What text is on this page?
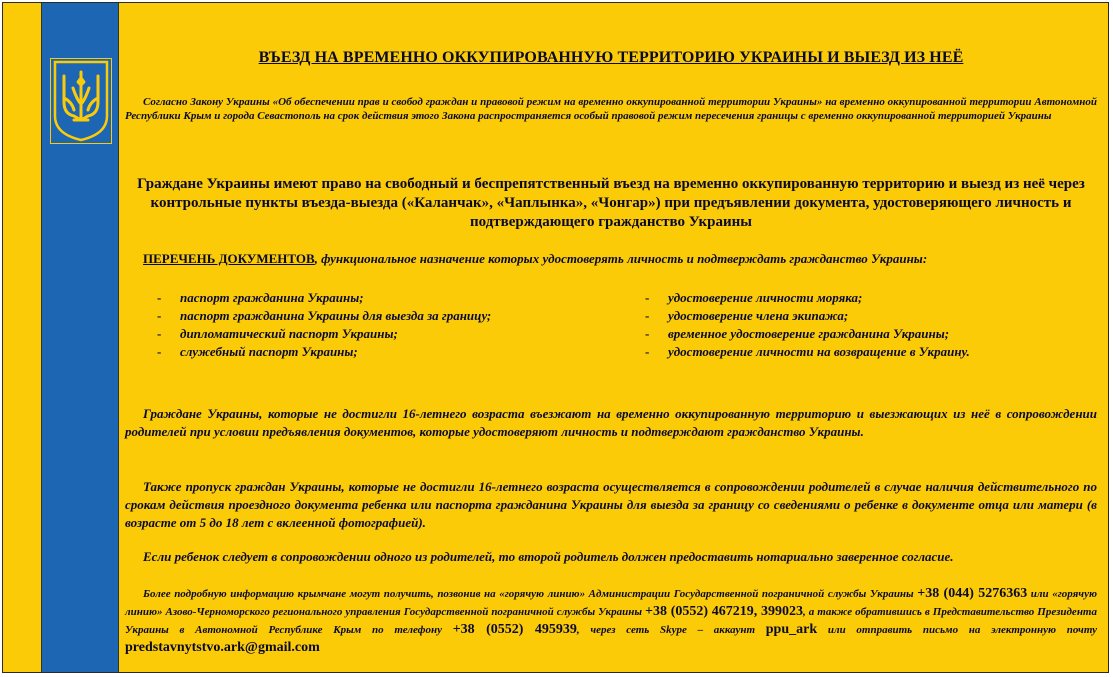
ВЪЕЗД НА ВРЕМЕННО ОККУПИРОВАННУЮ ТЕРРИТОРИЮ УКРАИНЫ И ВЫЕЗД ИЗ НЕЁ
Согласно Закону Украины «Об обеспечении прав и свобод граждан и правовой режим на временно оккупированной территории Украины» на временно оккупированной территории Автономной Республики Крым и города Севастополь на срок действия этого Закона распространяется особый правовой режим пересечения границы с временно оккупированной территорией Украины
Граждане Украины имеют право на свободный и беспрепятственный въезд на временно оккупированную территорию и выезд из неё через контрольные пункты въезда-выезда («Каланчак», «Чаплынка», «Чонгар») при предъявлении документа, удостоверяющего личность и подтверждающего гражданство Украины
ПЕРЕЧЕНЬ ДОКУМЕНТОВ, функциональное назначение которых удостоверять личность и подтверждать гражданство Украины:
- паспорт гражданина Украины;
- паспорт гражданина Украины для выезда за границу;
- дипломатический паспорт Украины;
- служебный паспорт Украины;
- удостоверение личности моряка;
- удостоверение члена экипажа;
- временное удостоверение гражданина Украины;
- удостоверение личности на возвращение в Украину.
Граждане Украины, которые не достигли 16-летнего возраста въезжают на временно оккупированную территорию и выезжающих из неё в сопровождении родителей при условии предъявления документов, которые удостоверяют личность и подтверждают гражданство Украины.
Также пропуск граждан Украины, которые не достигли 16-летнего возраста осуществляется в сопровождении родителей в случае наличия действительного по срокам действия проездного документа ребенка или паспорта гражданина Украины для выезда за границу со сведениями о ребенке в документе отца или матери (в возрасте от 5 до 18 лет с вклеенной фотографией).
Если ребенок следует в сопровождении одного из родителей, то второй родитель должен предоставить нотариально заверенное согласие.
Более подробную информацию крымчане могут получить, позвонив на «горячую линию» Администрации Государственной пограничной службы Украины +38 (044) 5276363 или «горячую линию» Азово-Черноморского регионального управления Государственной пограничной службы Украины +38 (0552) 467219, 399023, а также обратившись в Представительство Президента Украины в Автономной Республике Крым по телефону +38 (0552) 495939, через сеть Skype – аккаунт ppu_ark или отправить письмо на электронную почту predstavnytstvo.ark@gmail.com
